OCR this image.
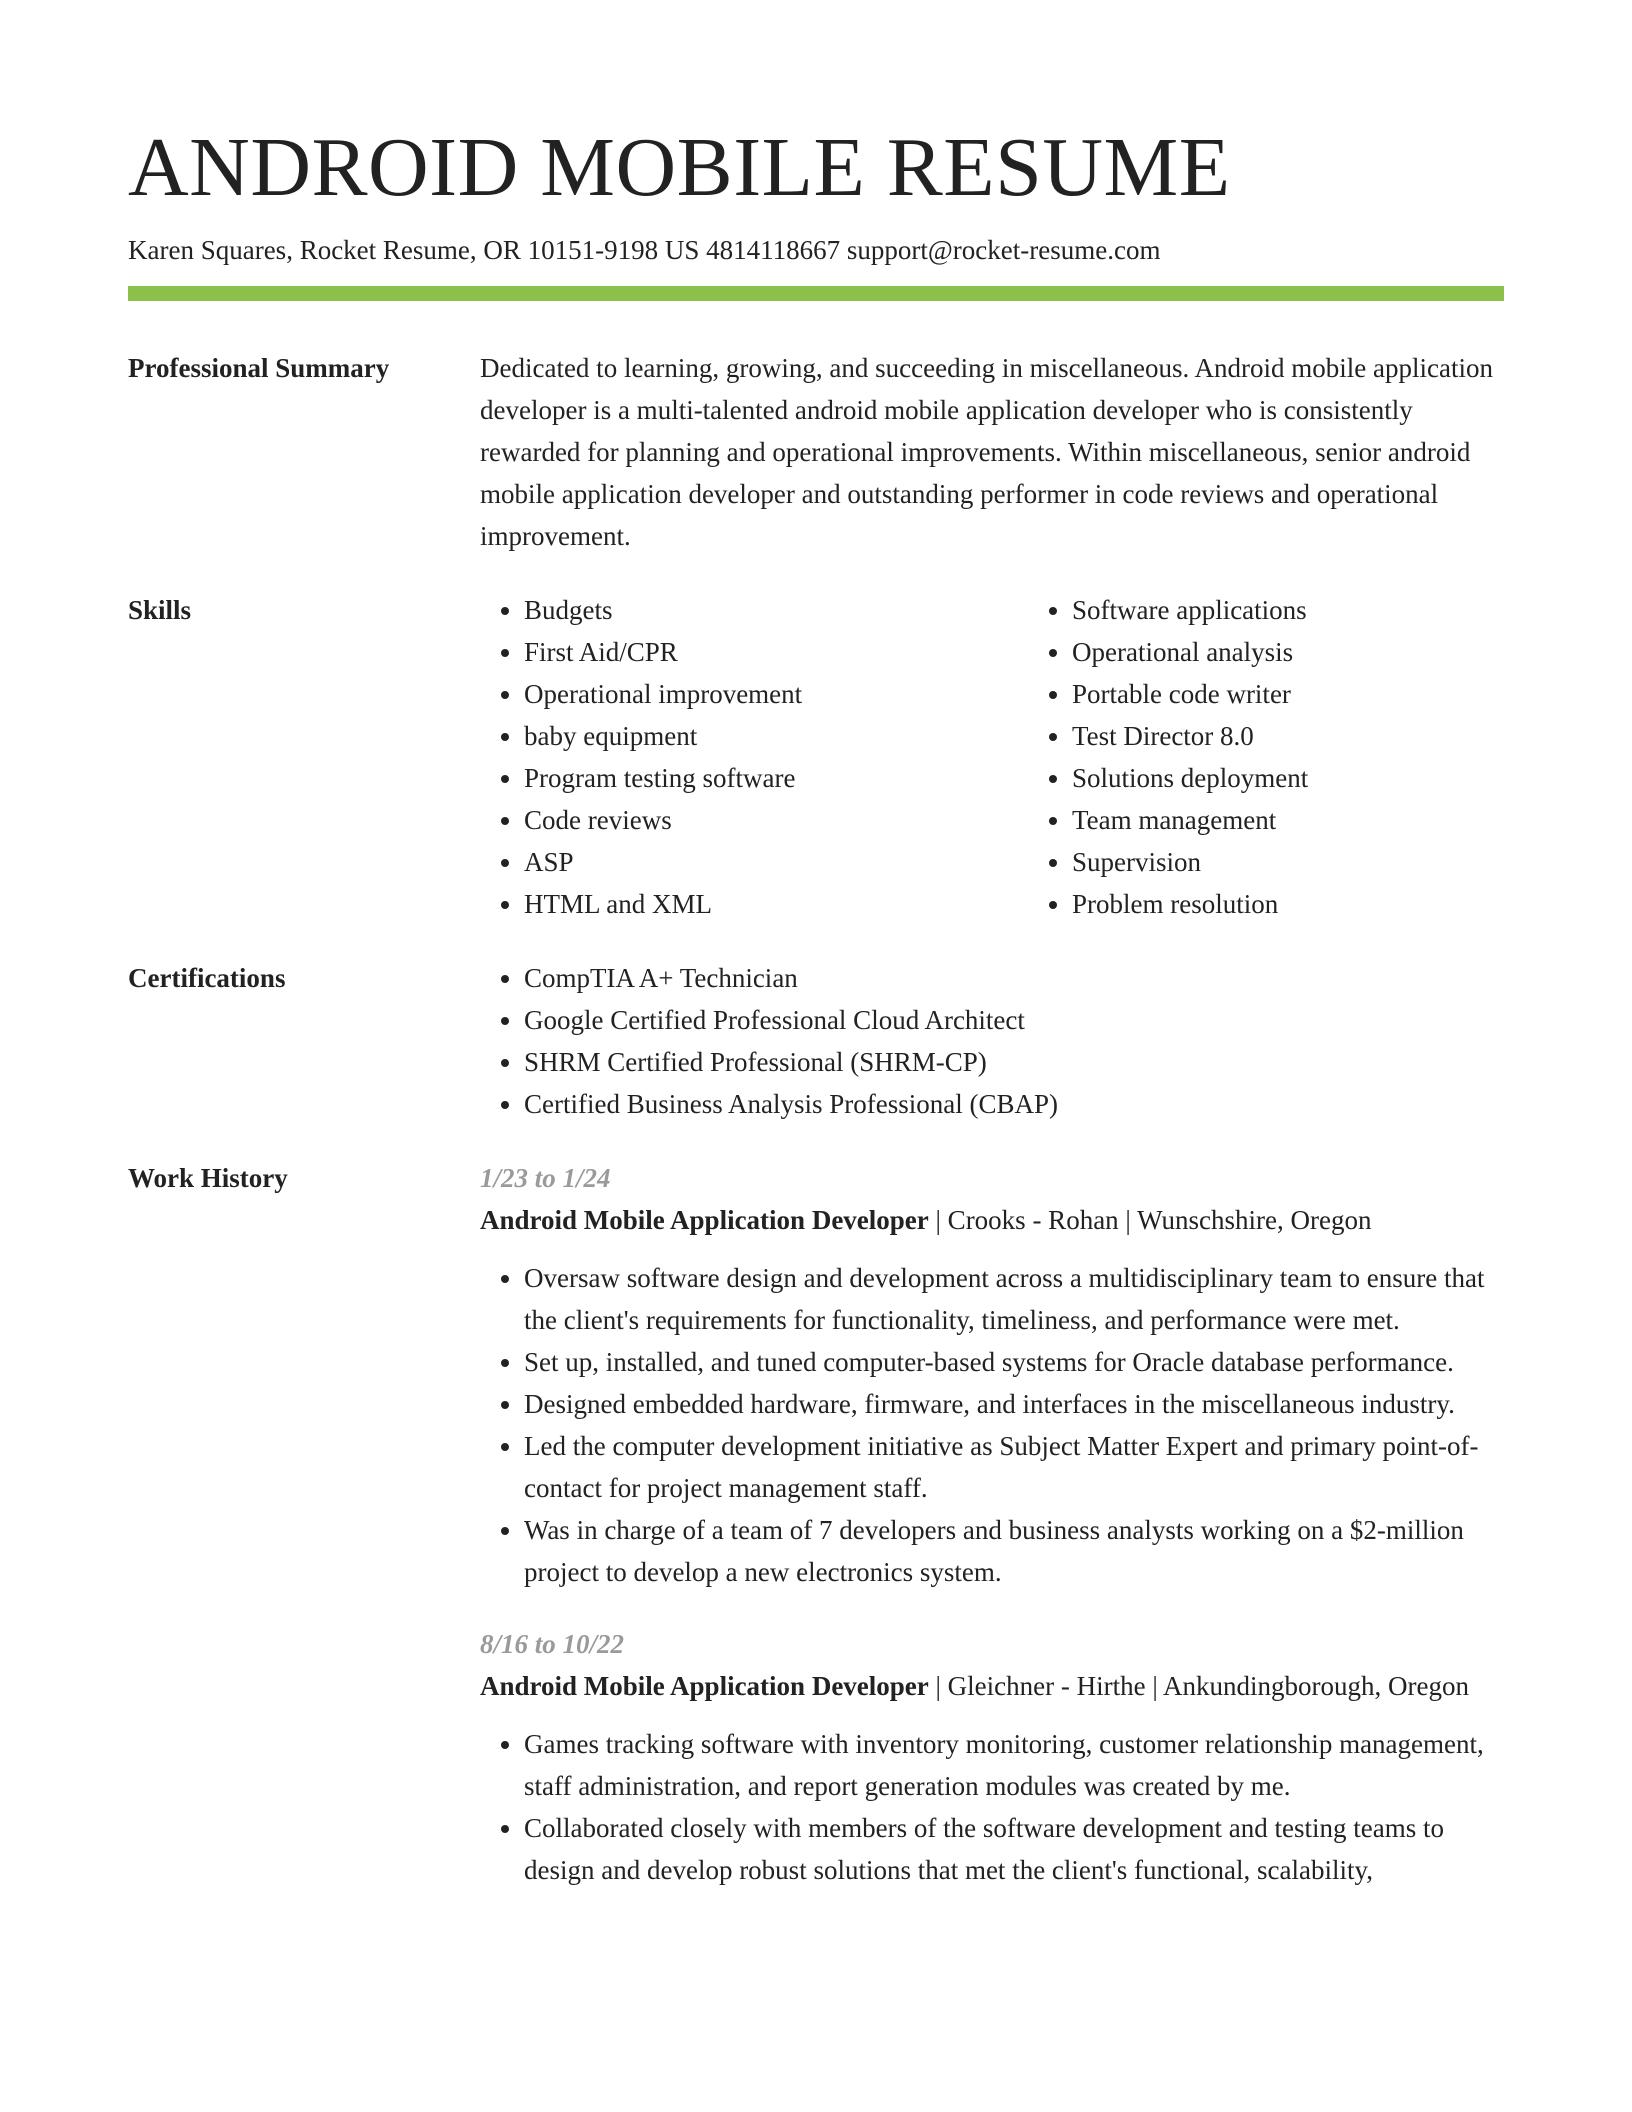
ANDROID MOBILE RESUME
Karen Squares, Rocket Resume, OR 10151-9198 US 4814118667 support@rocket-resume.com
Professional Summary	Dedicated to learning, growing, and succeeding in miscellaneous. Android mobile application developer is a multi-talented android mobile application developer who is consistently rewarded for planning and operational improvements. Within miscellaneous, senior android mobile application developer and outstanding performer in code reviews and operational improvement.

Skills	• Budgets
• First Aid/CPR
• Operational improvement
• baby equipment
• Program testing software
• Code reviews
• ASP
• HTML and XML
• Software applications
• Operational analysis
• Portable code writer
• Test Director 8.0
• Solutions deployment
• Team management
• Supervision
• Problem resolution
Certifications	• CompTIA A+ Technician
• Google Certified Professional Cloud Architect
• SHRM Certified Professional (SHRM-CP)
• Certified Business Analysis Professional (CBAP)
Work History	1/23 to 1/24
Android Mobile Application Developer | Crooks - Rohan | Wunschshire, Oregon
• Oversaw software design and development across a multidisciplinary team to ensure that the client's requirements for functionality, timeliness, and performance were met.
• Set up, installed, and tuned computer-based systems for Oracle database performance.
• Designed embedded hardware, firmware, and interfaces in the miscellaneous industry.
• Led the computer development initiative as Subject Matter Expert and primary point-of-contact for project management staff.
• Was in charge of a team of 7 developers and business analysts working on a $2-million project to develop a new electronics system.
8/16 to 10/22
Android Mobile Application Developer | Gleichner - Hirthe | Ankundingborough, Oregon
• Games tracking software with inventory monitoring, customer relationship management, staff administration, and report generation modules was created by me.
• Collaborated closely with members of the software development and testing teams to design and develop robust solutions that met the client's functional, scalability,
